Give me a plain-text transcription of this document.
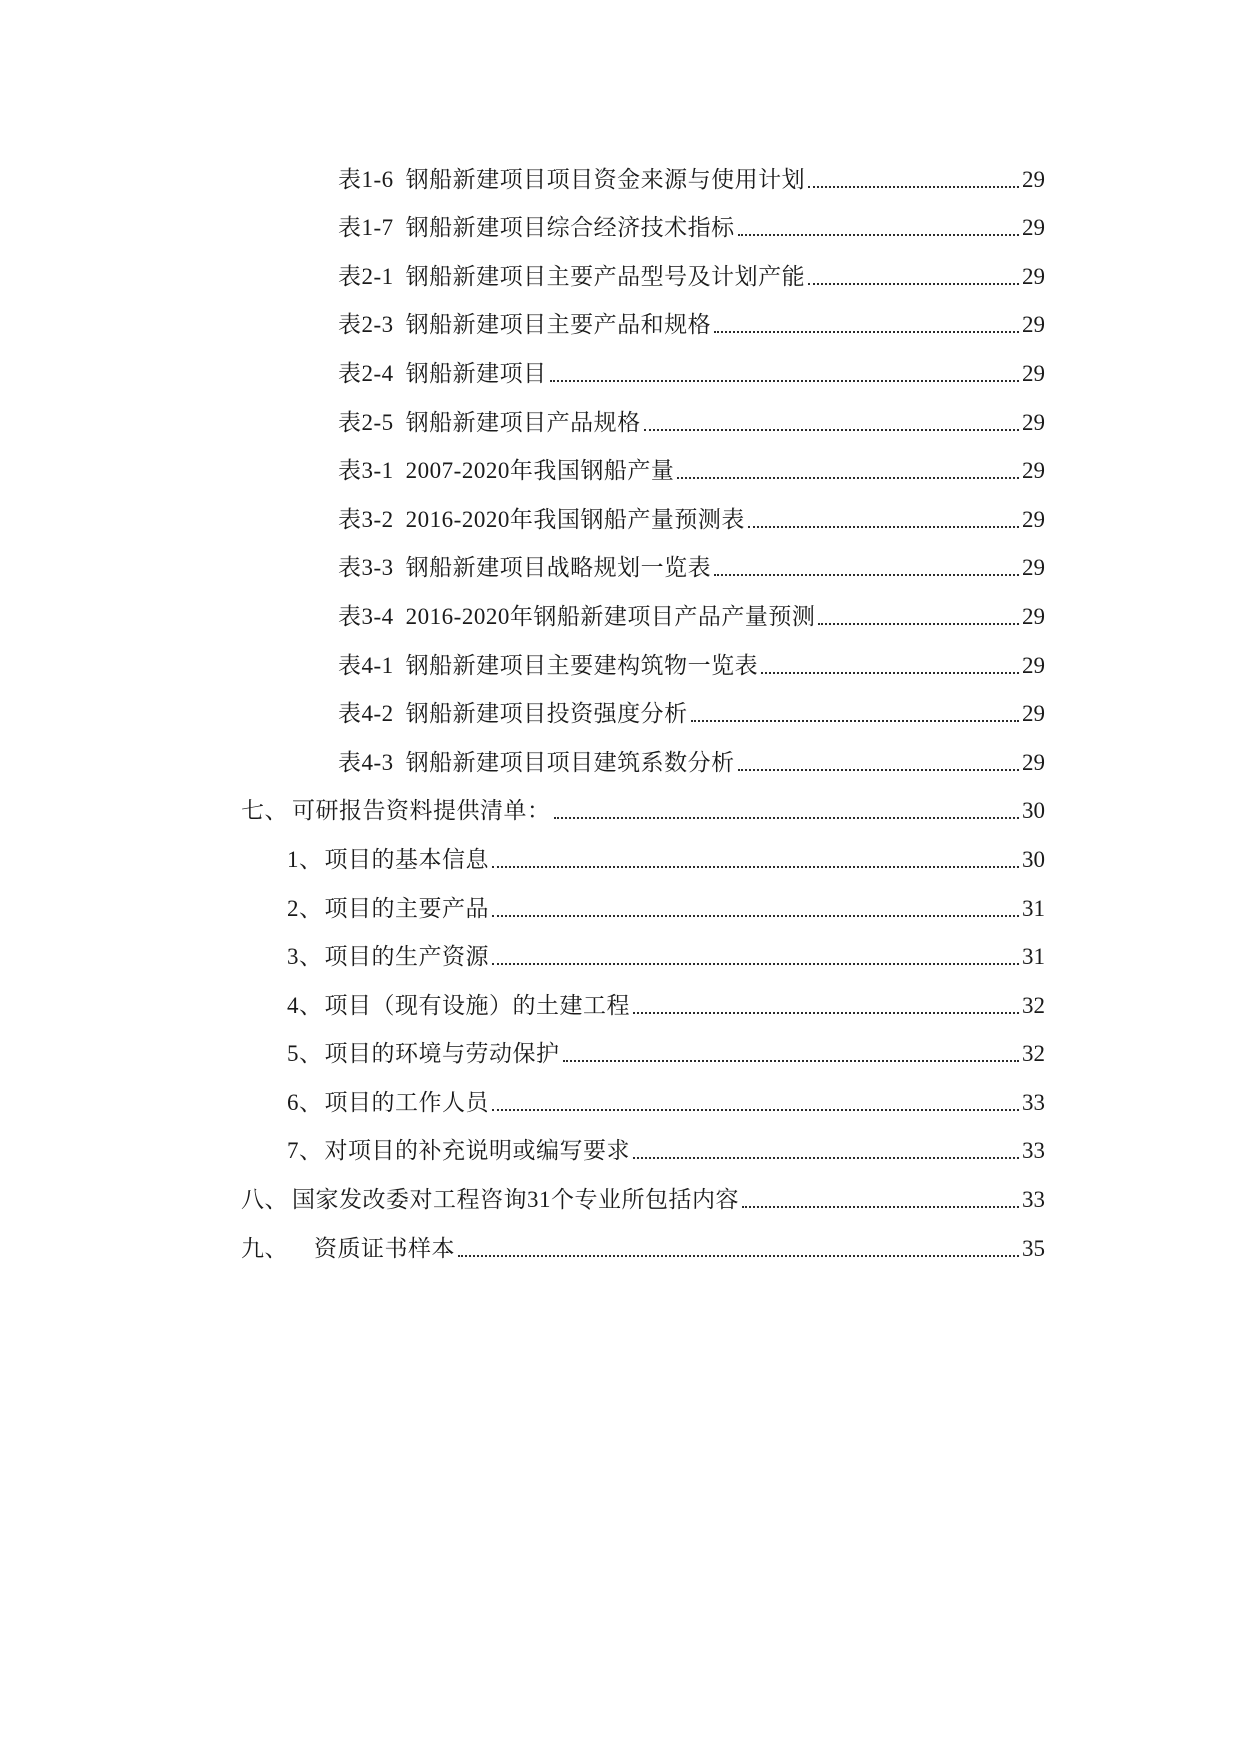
表1-6 钢船新建项目项目资金来源与使用计划	29
表1-7 钢船新建项目综合经济技术指标	29
表2-1 钢船新建项目主要产品型号及计划产能	29
表2-3 钢船新建项目主要产品和规格	29
表2-4 钢船新建项目	29
表2-5 钢船新建项目产品规格	29
表3-1 2007-2020年我国钢船产量	29
表3-2 2016-2020年我国钢船产量预测表	29
表3-3 钢船新建项目战略规划一览表	29
表3-4 2016-2020年钢船新建项目产品产量预测	29
表4-1 钢船新建项目主要建构筑物一览表	29
表4-2 钢船新建项目投资强度分析	29
表4-3 钢船新建项目项目建筑系数分析	29
七、 可研报告资料提供清单：	30
1、项目的基本信息	30
2、项目的主要产品	31
3、项目的生产资源	31
4、项目（现有设施）的土建工程	32
5、项目的环境与劳动保护	32
6、项目的工作人员	33
7、对项目的补充说明或编写要求	33
八、 国家发改委对工程咨询31个专业所包括内容	33
九、 资质证书样本	35
